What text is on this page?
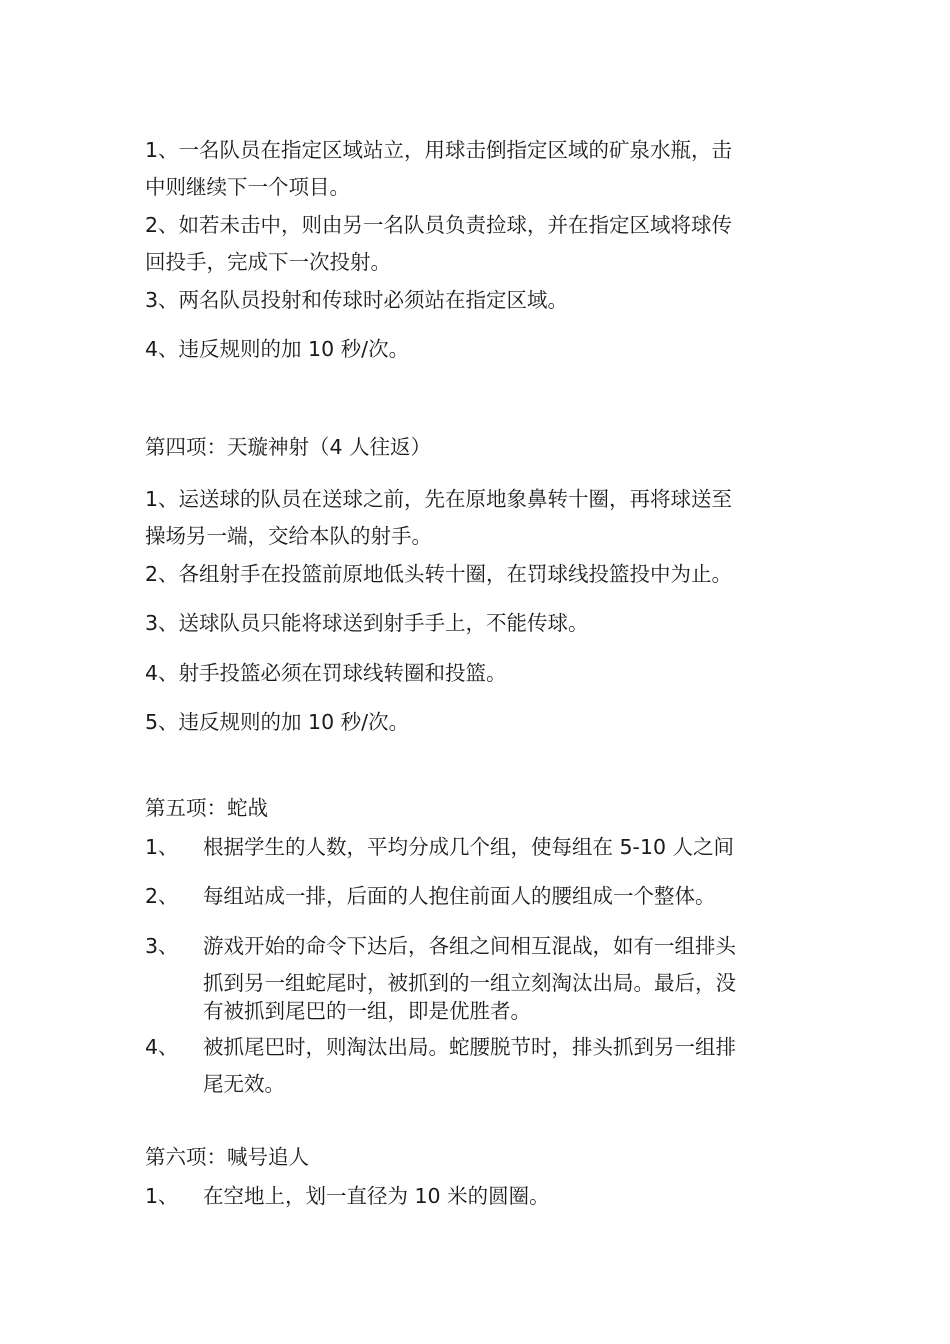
1、一名队员在指定区域站立，用球击倒指定区域的矿泉水瓶，击
中则继续下一个项目。
2、如若未击中，则由另一名队员负责捡球，并在指定区域将球传
回投手，完成下一次投射。
3、两名队员投射和传球时必须站在指定区域。
4、违反规则的加 10 秒/次。
第四项：天璇神射（4 人往返）
1、运送球的队员在送球之前，先在原地象鼻转十圈，再将球送至
操场另一端，交给本队的射手。
2、各组射手在投篮前原地低头转十圈，在罚球线投篮投中为止。
3、送球队员只能将球送到射手手上，不能传球。
4、射手投篮必须在罚球线转圈和投篮。
5、违反规则的加 10 秒/次。
第五项：蛇战
1、 根据学生的人数，平均分成几个组，使每组在 5-10 人之间
2、 每组站成一排，后面的人抱住前面人的腰组成一个整体。
3、 游戏开始的命令下达后，各组之间相互混战，如有一组排头
抓到另一组蛇尾时，被抓到的一组立刻淘汰出局。最后，没
有被抓到尾巴的一组，即是优胜者。
4、 被抓尾巴时，则淘汰出局。蛇腰脱节时，排头抓到另一组排
尾无效。
第六项：喊号追人
1、 在空地上，划一直径为 10 米的圆圈。
